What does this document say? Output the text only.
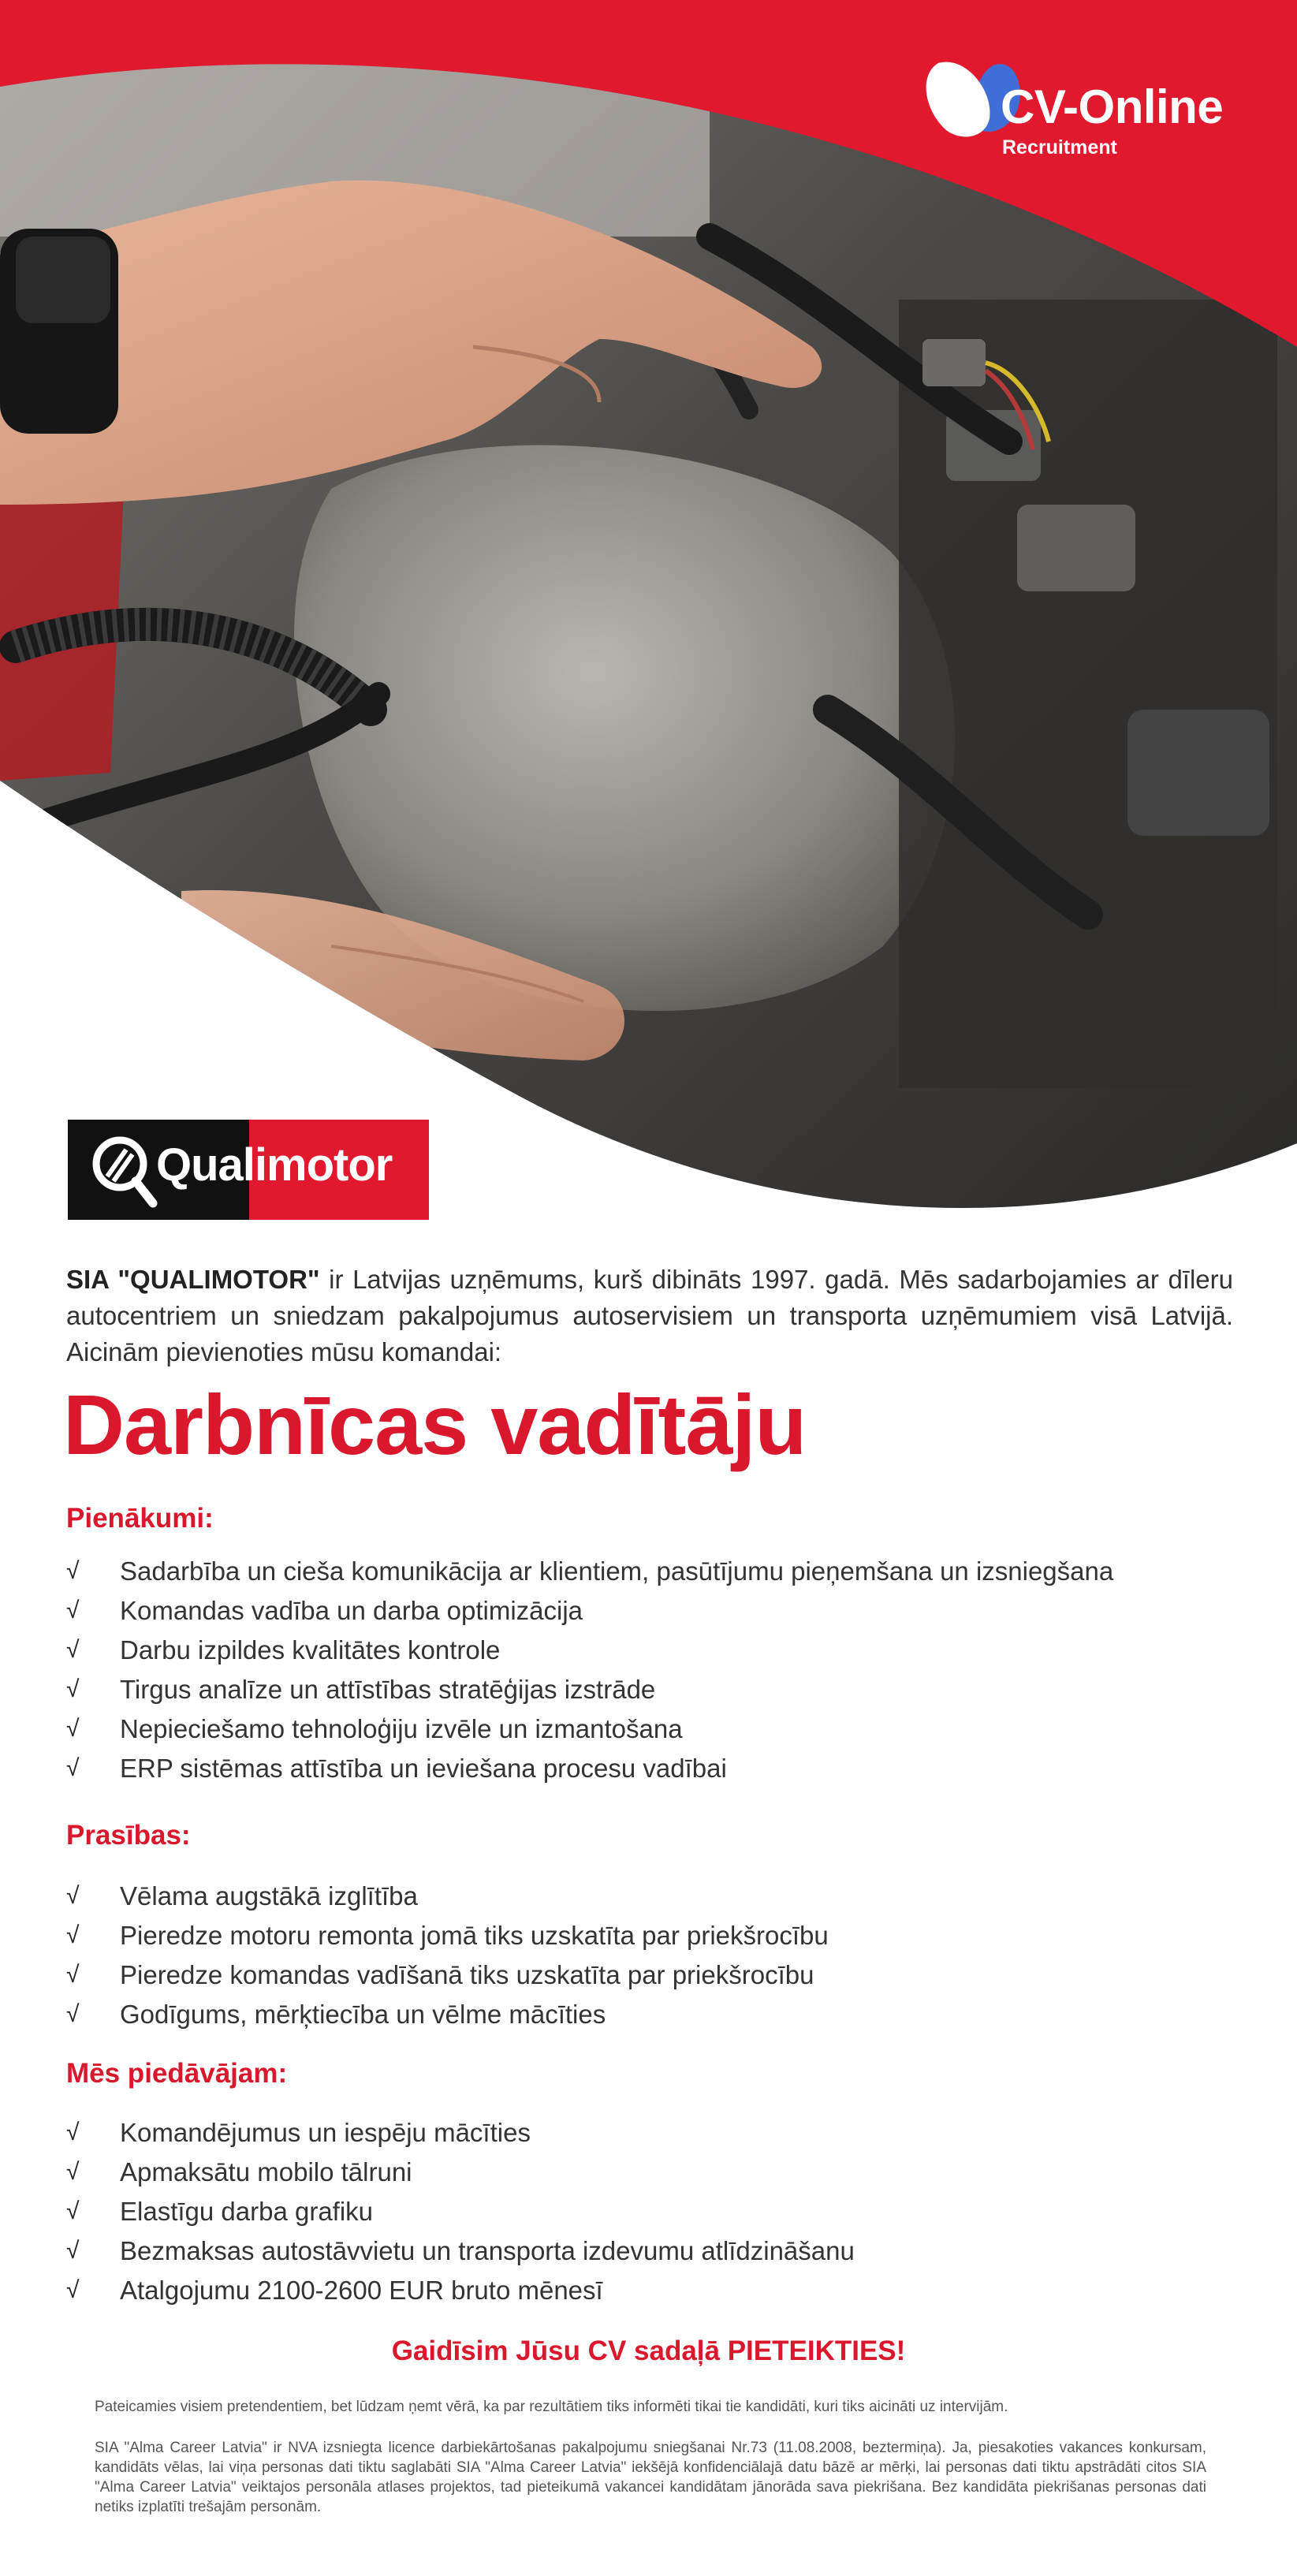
CV-Online
Recruitment
Qualimotor
SIA "QUALIMOTOR" ir Latvijas uzņēmums, kurš dibināts 1997. gadā. Mēs sadarbojamies ar dīleru autocentriem un sniedzam pakalpojumus autoservisiem un transporta uzņēmumiem visā Latvijā. Aicinām pievienoties mūsu komandai:
Darbnīcas vadītāju
Pienākumi:
√ Sadarbība un cieša komunikācija ar klientiem, pasūtījumu pieņemšana un izsniegšana
√ Komandas vadība un darba optimizācija
√ Darbu izpildes kvalitātes kontrole
√ Tirgus analīze un attīstības stratēģijas izstrāde
√ Nepieciešamo tehnoloģiju izvēle un izmantošana
√ ERP sistēmas attīstība un ieviešana procesu vadībai
Prasības:
√ Vēlama augstākā izglītība
√ Pieredze motoru remonta jomā tiks uzskatīta par priekšrocību
√ Pieredze komandas vadīšanā tiks uzskatīta par priekšrocību
√ Godīgums, mērķtiecība un vēlme mācīties
Mēs piedāvājam:
√ Komandējumus un iespēju mācīties
√ Apmaksātu mobilo tālruni
√ Elastīgu darba grafiku
√ Bezmaksas autostāvvietu un transporta izdevumu atlīdzināšanu
√ Atalgojumu 2100-2600 EUR bruto mēnesī
Gaidīsim Jūsu CV sadaļā PIETEIKTIES!
Pateicamies visiem pretendentiem, bet lūdzam ņemt vērā, ka par rezultātiem tiks informēti tikai tie kandidāti, kuri tiks aicināti uz intervijām.
SIA "Alma Career Latvia" ir NVA izsniegta licence darbiekārtošanas pakalpojumu sniegšanai Nr.73 (11.08.2008, beztermiņa). Ja, piesakoties vakances konkursam, kandidāts vēlas, lai viņa personas dati tiktu saglabāti SIA "Alma Career Latvia" iekšējā konfidenciālajā datu bāzē ar mērķi, lai personas dati tiktu apstrādāti citos SIA "Alma Career Latvia" veiktajos personāla atlases projektos, tad pieteikumā vakancei kandidātam jānorāda sava piekrišana. Bez kandidāta piekrišanas personas dati netiks izplatīti trešajām personām.
